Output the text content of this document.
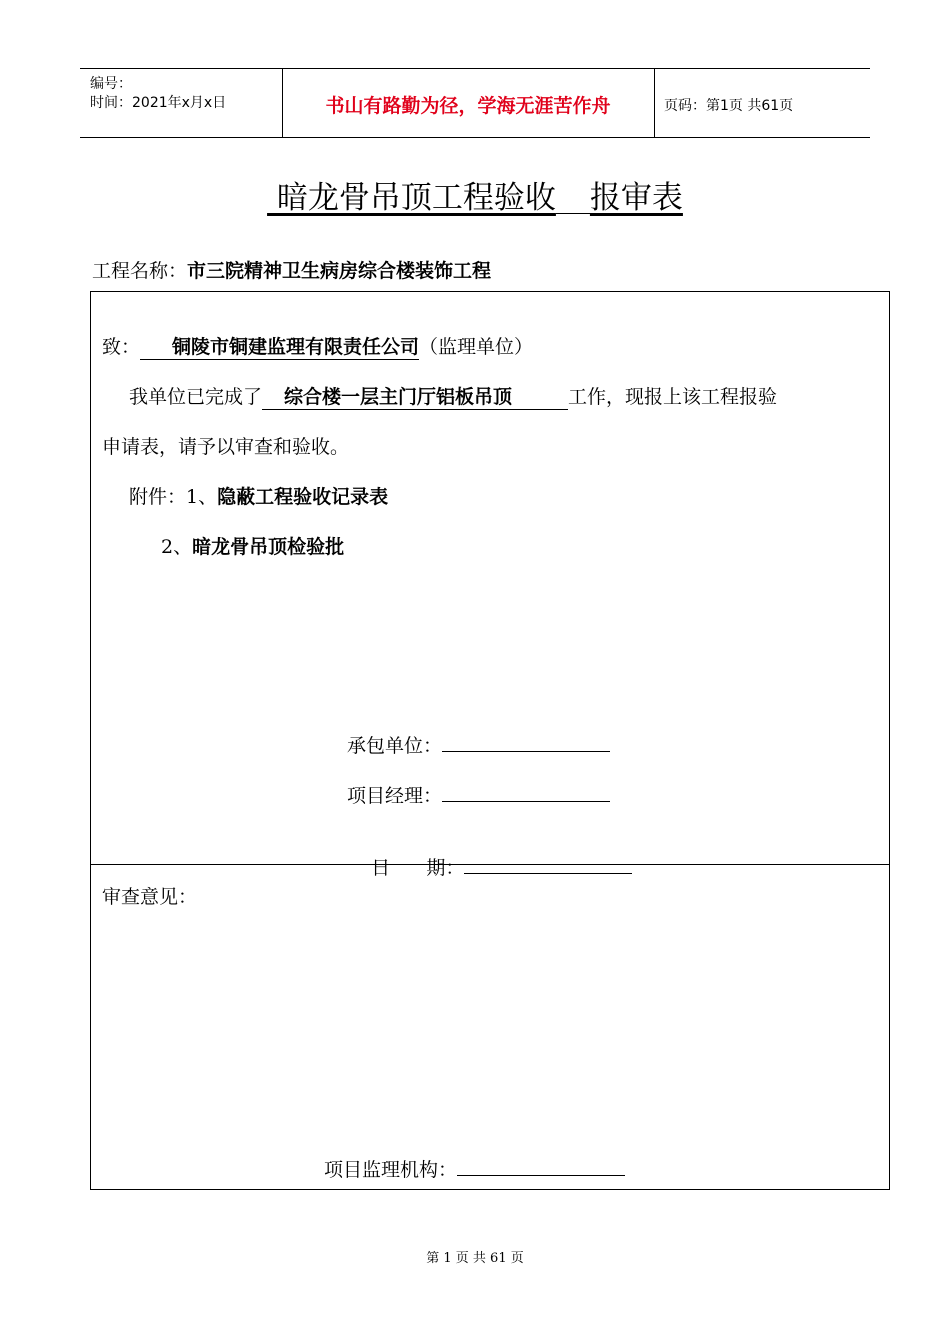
编号：
时间：2021年x月x日	书山有路勤为径，学海无涯苦作舟	页码：第1页 共61页
暗龙骨吊顶工程验收 报审表
工程名称：市三院精神卫生病房综合楼装饰工程
致： 铜陵市铜建监理有限责任公司（监理单位）
我单位已完成了 综合楼一层主门厅铝板吊顶	工作，现报上该工程报验
申请表，请予以审查和验收。
附件：1、隐蔽工程验收记录表
2、暗龙骨吊顶检验批
承包单位：
项目经理：

日      期：

审查意见：
项目监理机构：
第 1 页 共 61 页
